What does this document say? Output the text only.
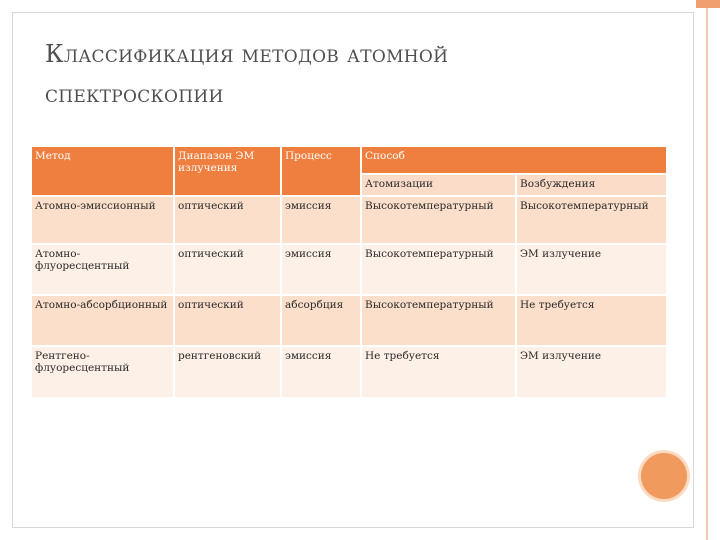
Классификация методов атомной
спектроскопии
Метод	Диапазон ЭМ излучения	Процесс	Способ	
			Атомизации	Возбуждения
Атомно-эмиссионный	оптический	эмиссия	Высокотемпературный	Высокотемпературный
Атомно-флуоресцентный	оптический	эмиссия	Высокотемпературный	ЭМ излучение
Атомно-абсорбционный	оптический	абсорбция	Высокотемпературный	Не требуется
Рентгено-флуоресцентный	рентгеновский	эмиссия	Не требуется	ЭМ излучение
